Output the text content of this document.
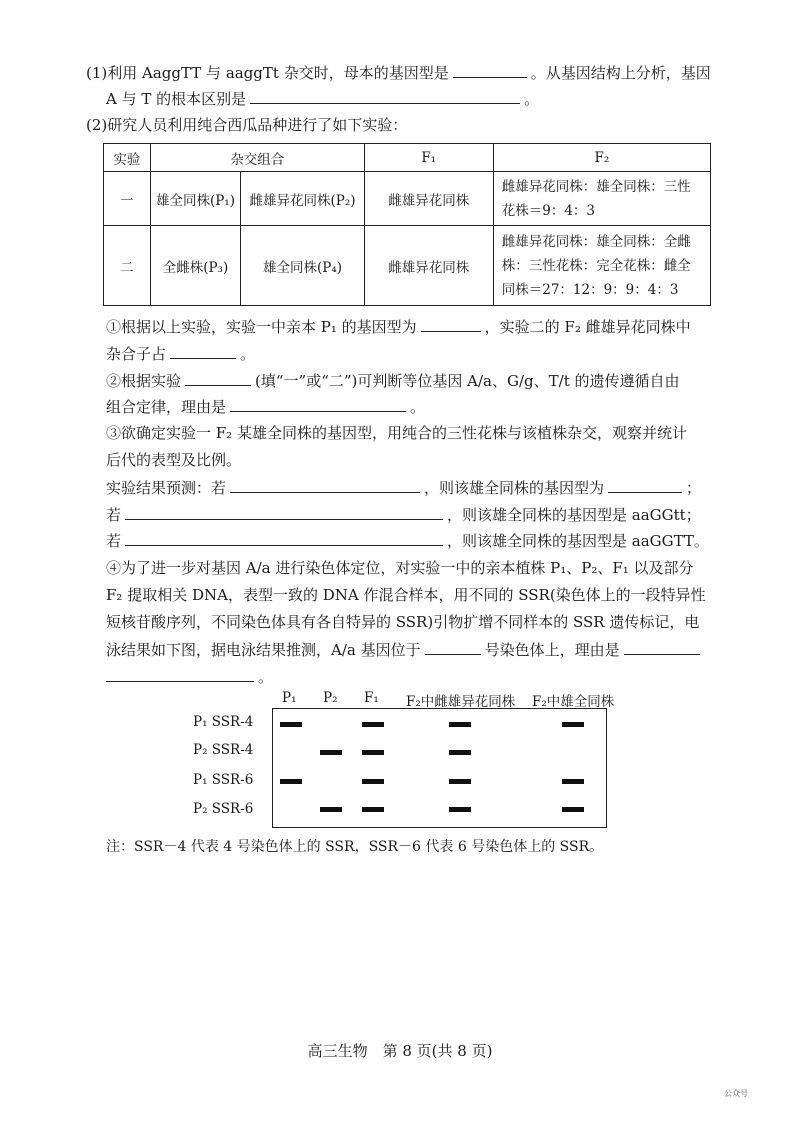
(1)利用 AaggTT 与 aaggTt 杂交时，母本的基因型是	。从基因结构上分析，基因
A 与 T 的根本区别是	。
(2)研究人员利用纯合西瓜品种进行了如下实验：
实验	杂交组合		F₁	F₂
一	雄全同株(P₁)	雌雄异花同株(P₂)	雌雄异花同株	雌雄异花同株：雄全同株：三性花株＝9：4：3
二	全雌株(P₃)	雄全同株(P₄)	雌雄异花同株	雌雄异花同株：雄全同株：全雌株：三性花株：完全花株：雌全同株＝27：12：9：9：4：3
①根据以上实验，实验一中亲本 P₁ 的基因型为	，实验二的 F₂ 雌雄异花同株中
杂合子占	。
②根据实验	(填“一”或“二”)可判断等位基因 A/a、G/g、T/t 的遗传遵循自由
组合定律，理由是	。
③欲确定实验一 F₂ 某雄全同株的基因型，用纯合的三性花株与该植株杂交，观察并统计
后代的表型及比例。
实验结果预测：若	，则该雄全同株的基因型为	；
若	，则该雄全同株的基因型是 aaGGtt；
若	，则该雄全同株的基因型是 aaGGTT。
④为了进一步对基因 A/a 进行染色体定位，对实验一中的亲本植株 P₁、P₂、F₁ 以及部分
F₂ 提取相关 DNA，表型一致的 DNA 作混合样本，用不同的 SSR(染色体上的一段特异性
短核苷酸序列，不同染色体具有各自特异的 SSR)引物扩增不同样本的 SSR 遗传标记，电
泳结果如下图，据电泳结果推测，A/a 基因位于	号染色体上，理由是
。
P₁ P₂ F₁ F₂中雌雄异花同株 F₂中雄全同株
P₁ SSR-4
P₂ SSR-4
P₁ SSR-6
P₂ SSR-6
注：SSR－4 代表 4 号染色体上的 SSR，SSR－6 代表 6 号染色体上的 SSR。
高三生物　第 8 页(共 8 页)
公众号
